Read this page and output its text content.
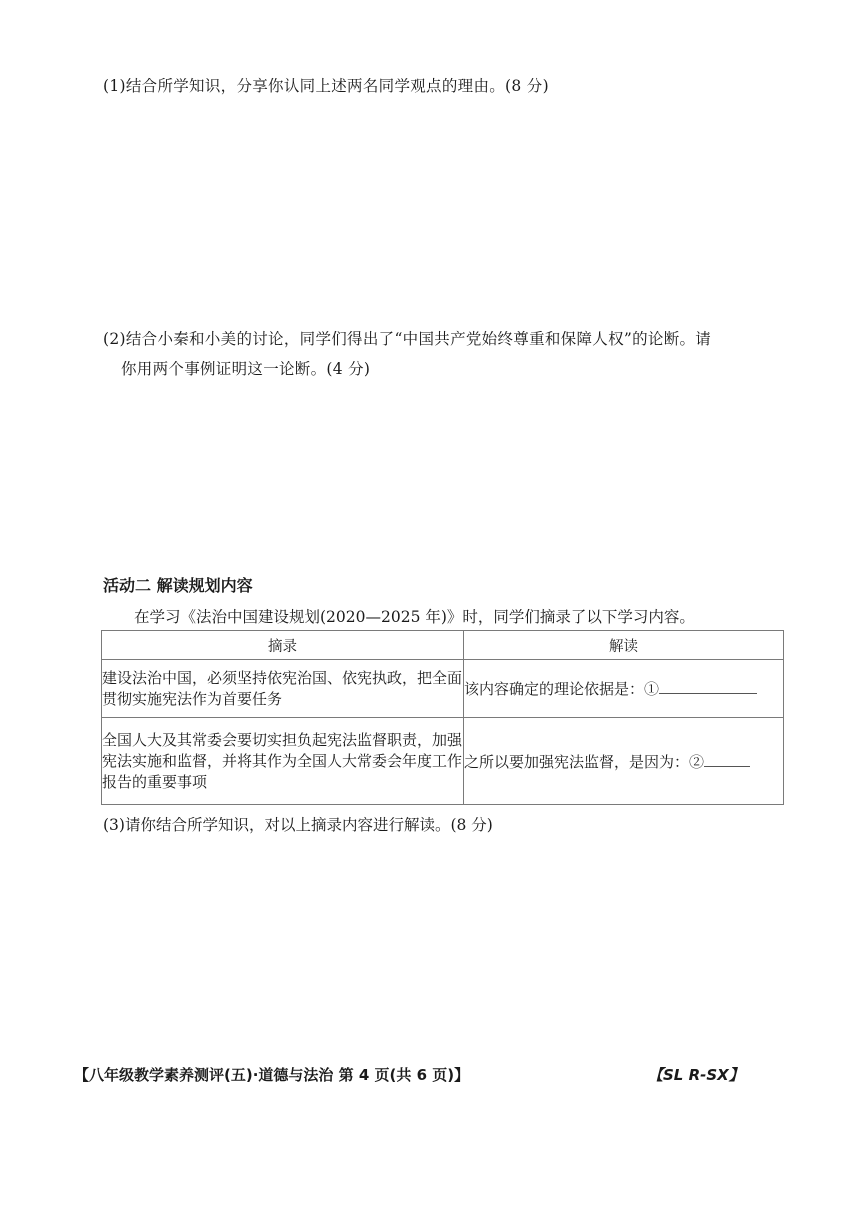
(1)结合所学知识，分享你认同上述两名同学观点的理由。(8 分)
(2)结合小秦和小美的讨论，同学们得出了“中国共产党始终尊重和保障人权”的论断。请
你用两个事例证明这一论断。(4 分)
活动二 解读规划内容
在学习《法治中国建设规划(2020—2025 年)》时，同学们摘录了以下学习内容。
摘录	解读
建设法治中国，必须坚持依宪治国、依宪执政，把全面贯彻实施宪法作为首要任务	该内容确定的理论依据是：①
全国人大及其常委会要切实担负起宪法监督职责，加强宪法实施和监督，并将其作为全国人大常委会年度工作报告的重要事项	之所以要加强宪法监督，是因为：②
(3)请你结合所学知识，对以上摘录内容进行解读。(8 分)
【八年级教学素养测评(五)·道德与法治 第 4 页(共 6 页)】	【SL R-SX】
